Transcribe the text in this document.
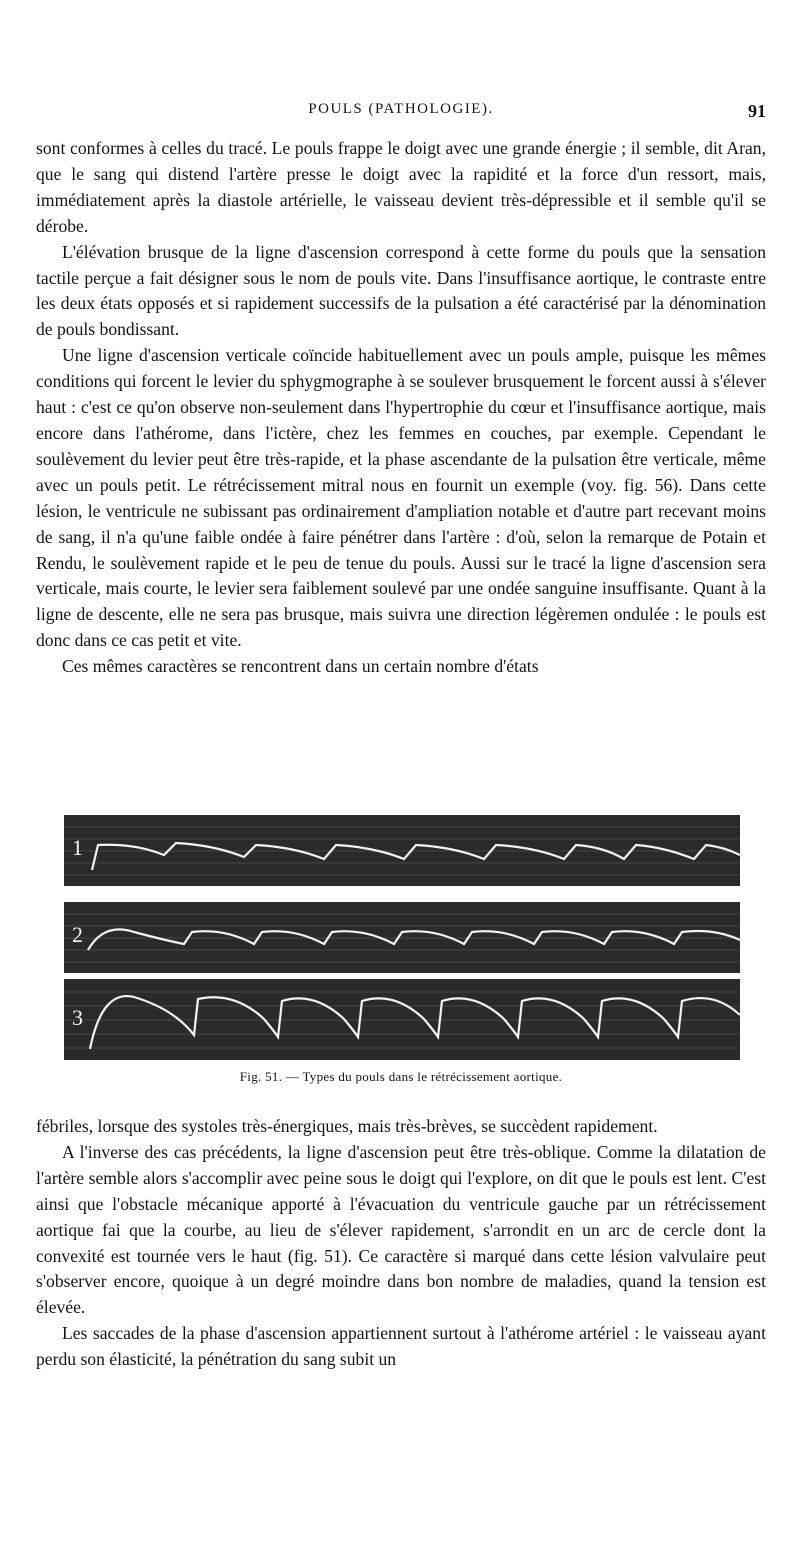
POULS (PATHOLOGIE).	91

sont conformes à celles du tracé. Le pouls frappe le doigt avec une grande énergie ; il semble, dit Aran, que le sang qui distend l'artère presse le doigt avec la rapidité et la force d'un ressort, mais, immédiatement après la diastole artérielle, le vaisseau devient très-dépressible et il semble qu'il se dérobe.

L'élévation brusque de la ligne d'ascension correspond à cette forme du pouls que la sensation tactile perçue a fait désigner sous le nom de pouls vite. Dans l'insuffisance aortique, le contraste entre les deux états opposés et si rapidement successifs de la pulsation a été caractérisé par la dénomination de pouls bondissant.

Une ligne d'ascension verticale coïncide habituellement avec un pouls ample, puisque les mêmes conditions qui forcent le levier du sphygmographe à se soulever brusquement le forcent aussi à s'élever haut : c'est ce qu'on observe non-seulement dans l'hypertrophie du cœur et l'insuffisance aortique, mais encore dans l'athérome, dans l'ictère, chez les femmes en couches, par exemple. Cependant le soulèvement du levier peut être très-rapide, et la phase ascendante de la pulsation être verticale, même avec un pouls petit. Le rétrécissement mitral nous en fournit un exemple (voy. fig. 56). Dans cette lésion, le ventricule ne subissant pas ordinairement d'ampliation notable et d'autre part recevant moins de sang, il n'a qu'une faible ondée à faire pénétrer dans l'artère : d'où, selon la remarque de Potain et Rendu, le soulèvement rapide et le peu de tenue du pouls. Aussi sur le tracé la ligne d'ascension sera verticale, mais courte, le levier sera faiblement soulevé par une ondée sanguine insuffisante. Quant à la ligne de descente, elle ne sera pas brusque, mais suivra une direction légèremen ondulée : le pouls est donc dans ce cas petit et vite.

Ces mêmes caractères se rencontrent dans un certain nombre d'états

1
2
3
Fig. 51. — Types du pouls dans le rétrécissement aortique.

fébriles, lorsque des systoles très-énergiques, mais très-brèves, se succèdent rapidement.

A l'inverse des cas précédents, la ligne d'ascension peut être très-oblique. Comme la dilatation de l'artère semble alors s'accomplir avec peine sous le doigt qui l'explore, on dit que le pouls est lent. C'est ainsi que l'obstacle mécanique apporté à l'évacuation du ventricule gauche par un rétrécissement aortique fai que la courbe, au lieu de s'élever rapidement, s'arrondit en un arc de cercle dont la convexité est tournée vers le haut (fig. 51). Ce caractère si marqué dans cette lésion valvulaire peut s'observer encore, quoique à un degré moindre dans bon nombre de maladies, quand la tension est élevée.

Les saccades de la phase d'ascension appartiennent surtout à l'athérome artériel : le vaisseau ayant perdu son élasticité, la pénétration du sang subit un
